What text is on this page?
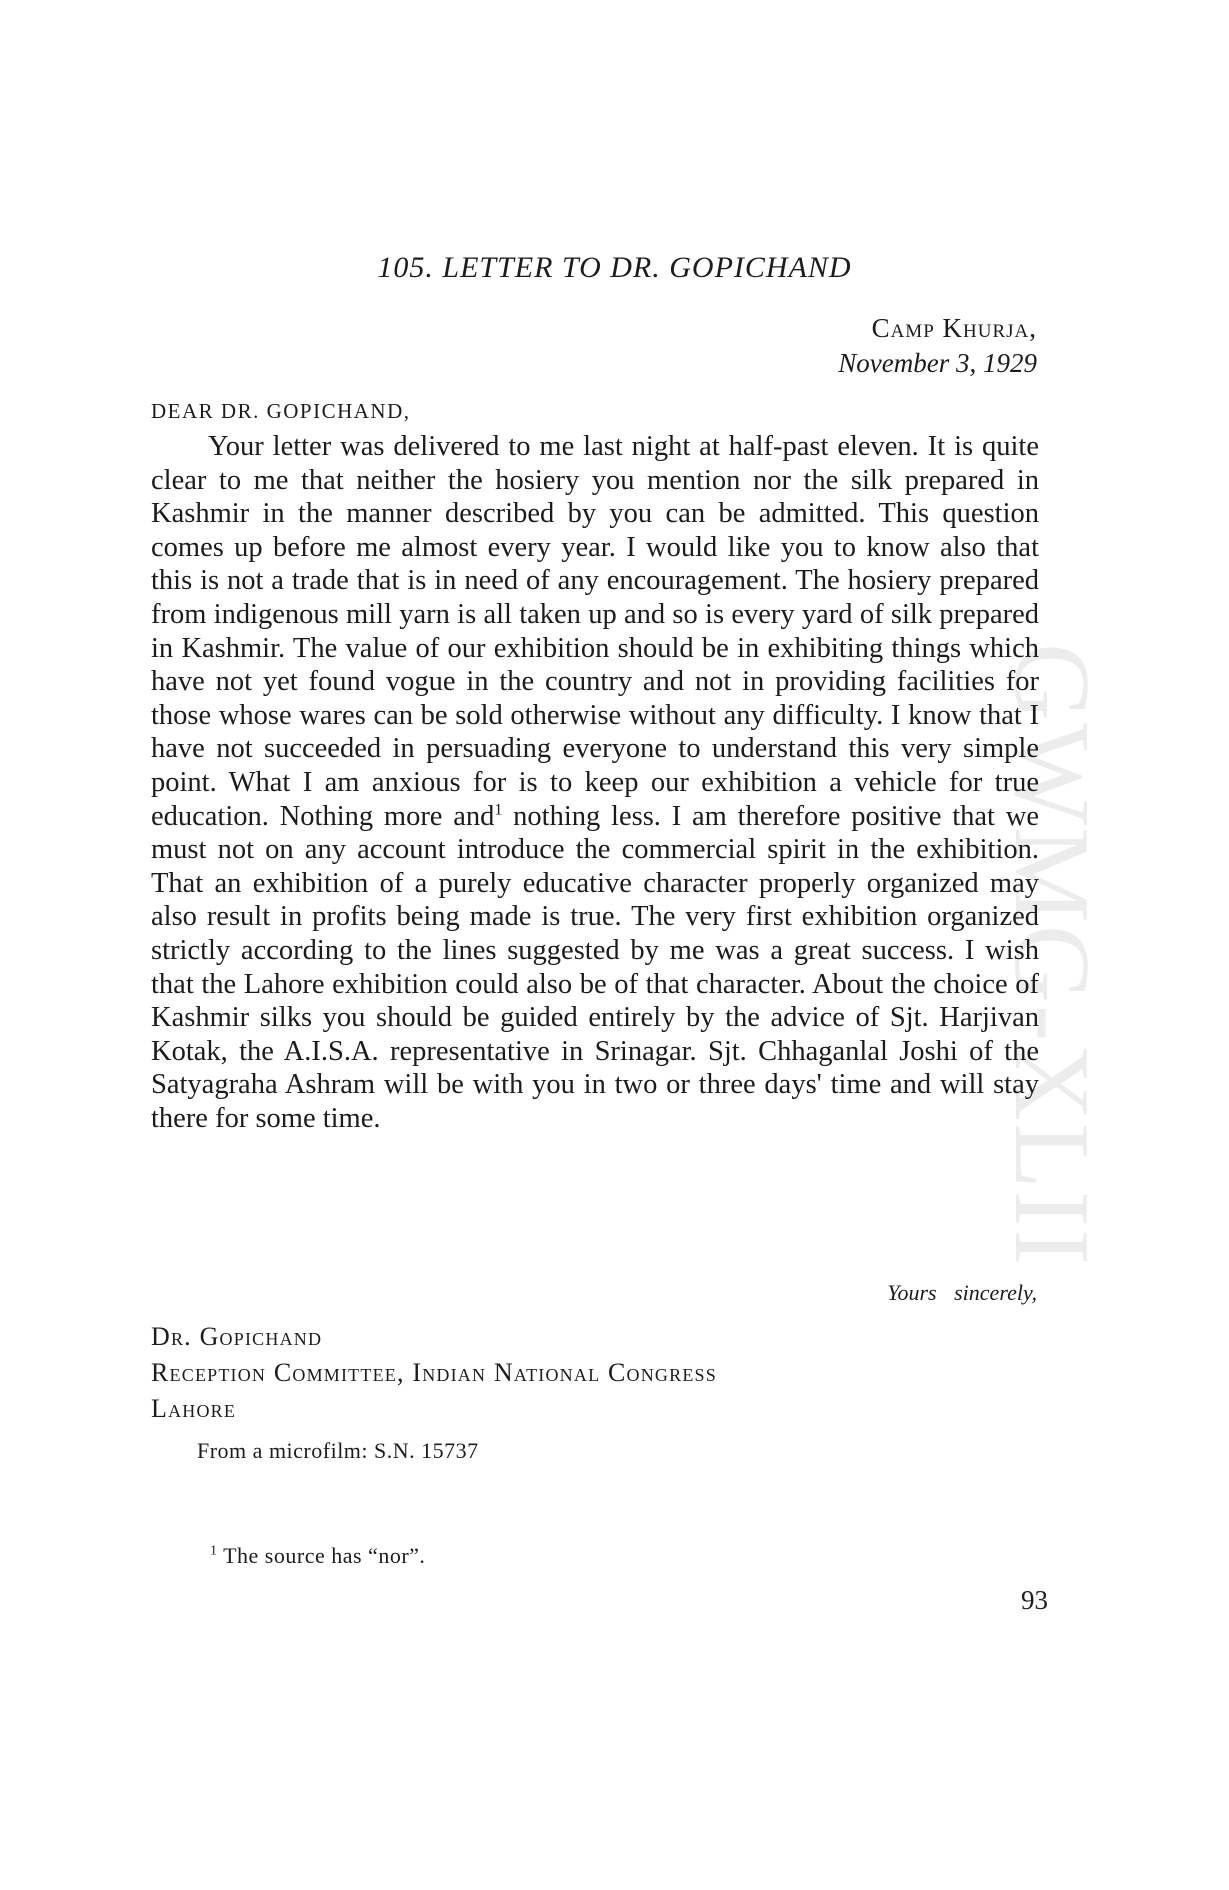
GWMG-XLII
105. LETTER TO DR. GOPICHAND
Camp Khurja,
November 3, 1929
DEAR DR. GOPICHAND,

Your letter was delivered to me last night at half-past eleven. It is quite clear to me that neither the hosiery you mention nor the silk prepared in Kashmir in the manner described by you can be admitted. This question comes up before me almost every year. I would like you to know also that this is not a trade that is in need of any encouragement. The hosiery prepared from indigenous mill yarn is all taken up and so is every yard of silk prepared in Kashmir. The value of our exhibition should be in exhibiting things which have not yet found vogue in the country and not in providing facilities for those whose wares can be sold otherwise without any difficulty. I know that I have not succeeded in persuading everyone to understand this very simple point. What I am anxious for is to keep our exhibition a vehicle for true education. Nothing more and$^1$ nothing less. I am therefore positive that we must not on any account introduce the commercial spirit in the exhibition. That an exhibition of a purely educative character properly organized may also result in profits being made is true. The very first exhibition organized strictly according to the lines suggested by me was a great success. I wish that the Lahore exhibition could also be of that character. About the choice of Kashmir silks you should be guided entirely by the advice of Sjt. Harjivan Kotak, the A.I.S.A. representative in Srinagar. Sjt. Chhaganlal Joshi of the Satyagraha Ashram will be with you in two or three days' time and will stay there for some time.

Yours sincerely,
Dr. Gopichand
Reception Committee, Indian National Congress
Lahore
From a microfilm: S.N. 15737
$^1$ The source has “nor”.
93
